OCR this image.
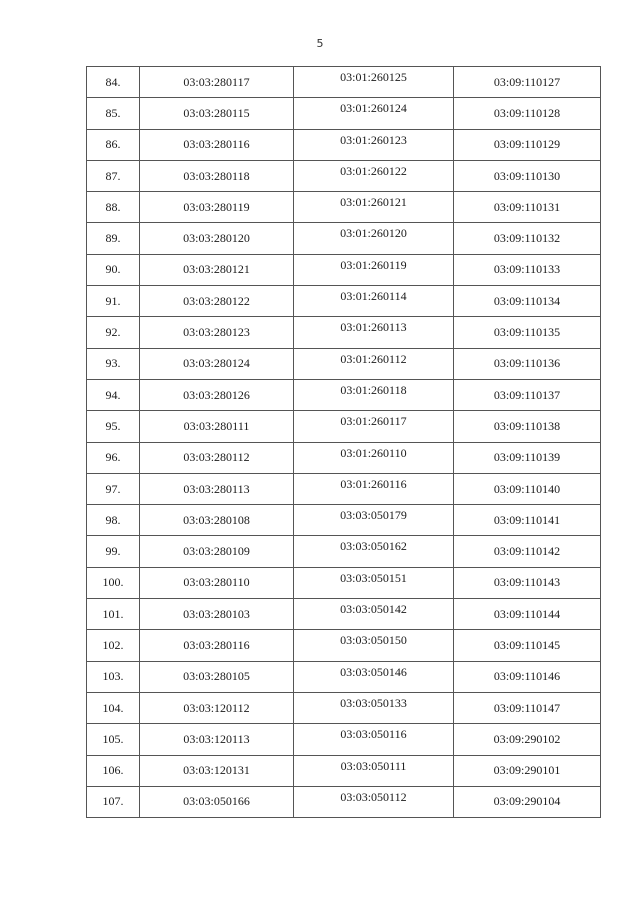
5
84.	03:03:280117	03:01:260125	03:09:110127
85.	03:03:280115	03:01:260124	03:09:110128
86.	03:03:280116	03:01:260123	03:09:110129
87.	03:03:280118	03:01:260122	03:09:110130
88.	03:03:280119	03:01:260121	03:09:110131
89.	03:03:280120	03:01:260120	03:09:110132
90.	03:03:280121	03:01:260119	03:09:110133
91.	03:03:280122	03:01:260114	03:09:110134
92.	03:03:280123	03:01:260113	03:09:110135
93.	03:03:280124	03:01:260112	03:09:110136
94.	03:03:280126	03:01:260118	03:09:110137
95.	03:03:280111	03:01:260117	03:09:110138
96.	03:03:280112	03:01:260110	03:09:110139
97.	03:03:280113	03:01:260116	03:09:110140
98.	03:03:280108	03:03:050179	03:09:110141
99.	03:03:280109	03:03:050162	03:09:110142
100.	03:03:280110	03:03:050151	03:09:110143
101.	03:03:280103	03:03:050142	03:09:110144
102.	03:03:280116	03:03:050150	03:09:110145
103.	03:03:280105	03:03:050146	03:09:110146
104.	03:03:120112	03:03:050133	03:09:110147
105.	03:03:120113	03:03:050116	03:09:290102
106.	03:03:120131	03:03:050111	03:09:290101
107.	03:03:050166	03:03:050112	03:09:290104
